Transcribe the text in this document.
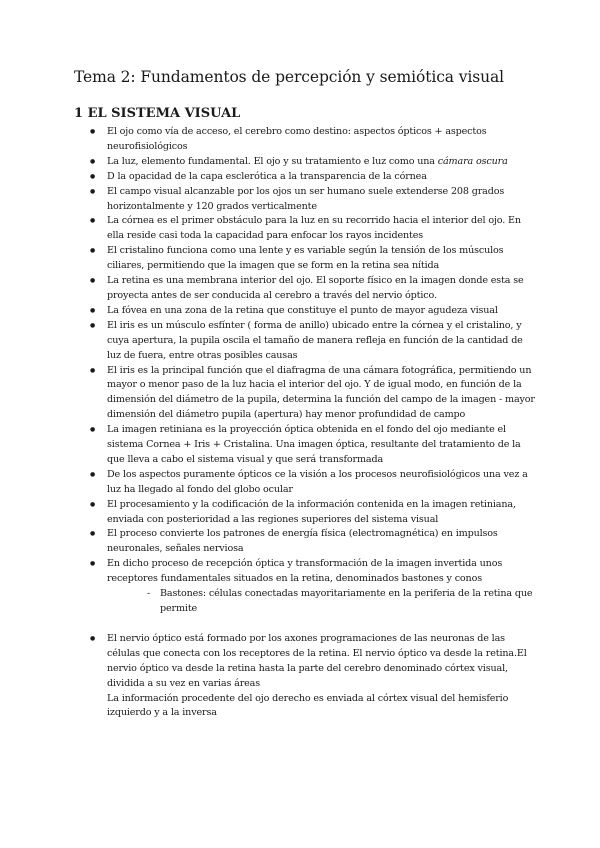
Tema 2: Fundamentos de percepción y semiótica visual
1 EL SISTEMA VISUAL
● El ojo como vía de acceso, el cerebro como destino: aspectos ópticos + aspectos neurofisiológicos
● La luz, elemento fundamental. El ojo y su tratamiento e luz como una cámara oscura
● D la opacidad de la capa esclerótica a la transparencia de la córnea
● El campo visual alcanzable por los ojos un ser humano suele extenderse 208 grados horizontalmente y 120 grados verticalmente
● La córnea es el primer obstáculo para la luz en su recorrido hacia el interior del ojo. En ella reside casi toda la capacidad para enfocar los rayos incidentes
● El cristalino funciona como una lente y es variable según la tensión de los músculos ciliares, permitiendo que la imagen que se form en la retina sea nítida
● La retina es una membrana interior del ojo. El soporte físico en la imagen donde esta se proyecta antes de ser conducida al cerebro a través del nervio óptico.
● La fóvea en una zona de la retina que constituye el punto de mayor agudeza visual
● El iris es un músculo esfínter ( forma de anillo) ubicado entre la córnea y el cristalino, y cuya apertura, la pupila oscila el tamaño de manera refleja en función de la cantidad de luz de fuera, entre otras posibles causas
● El iris es la principal función que el diafragma de una cámara fotográfica, permitiendo un mayor o menor paso de la luz hacia el interior del ojo. Y de igual modo, en función de la dimensión del diámetro de la pupila, determina la función del campo de la imagen - mayor dimensión del diámetro pupila (apertura) hay menor profundidad de campo
● La imagen retiniana es la proyección óptica obtenida en el fondo del ojo mediante el sistema Cornea + Iris + Cristalina. Una imagen óptica, resultante del tratamiento de la que lleva a cabo el sistema visual y que será transformada
● De los aspectos puramente ópticos ce la visión a los procesos neurofisiológicos una vez a luz ha llegado al fondo del globo ocular
● El procesamiento y la codificación de la información contenida en la imagen retiniana, enviada con posterioridad a las regiones superiores del sistema visual
● El proceso convierte los patrones de energía física (electromagnética) en impulsos neuronales, señales nerviosa
● En dicho proceso de recepción óptica y transformación de la imagen invertida unos receptores fundamentales situados en la retina, denominados bastones y conos
- Bastones: células conectadas mayoritariamente en la periferia de la retina que permite
● El nervio óptico está formado por los axones programaciones de las neuronas de las células que conecta con los receptores de la retina. El nervio óptico va desde la retina.El nervio óptico va desde la retina hasta la parte del cerebro denominado córtex visual, dividida a su vez en varias áreas
La información procedente del ojo derecho es enviada al córtex visual del hemisferio izquierdo y a la inversa
